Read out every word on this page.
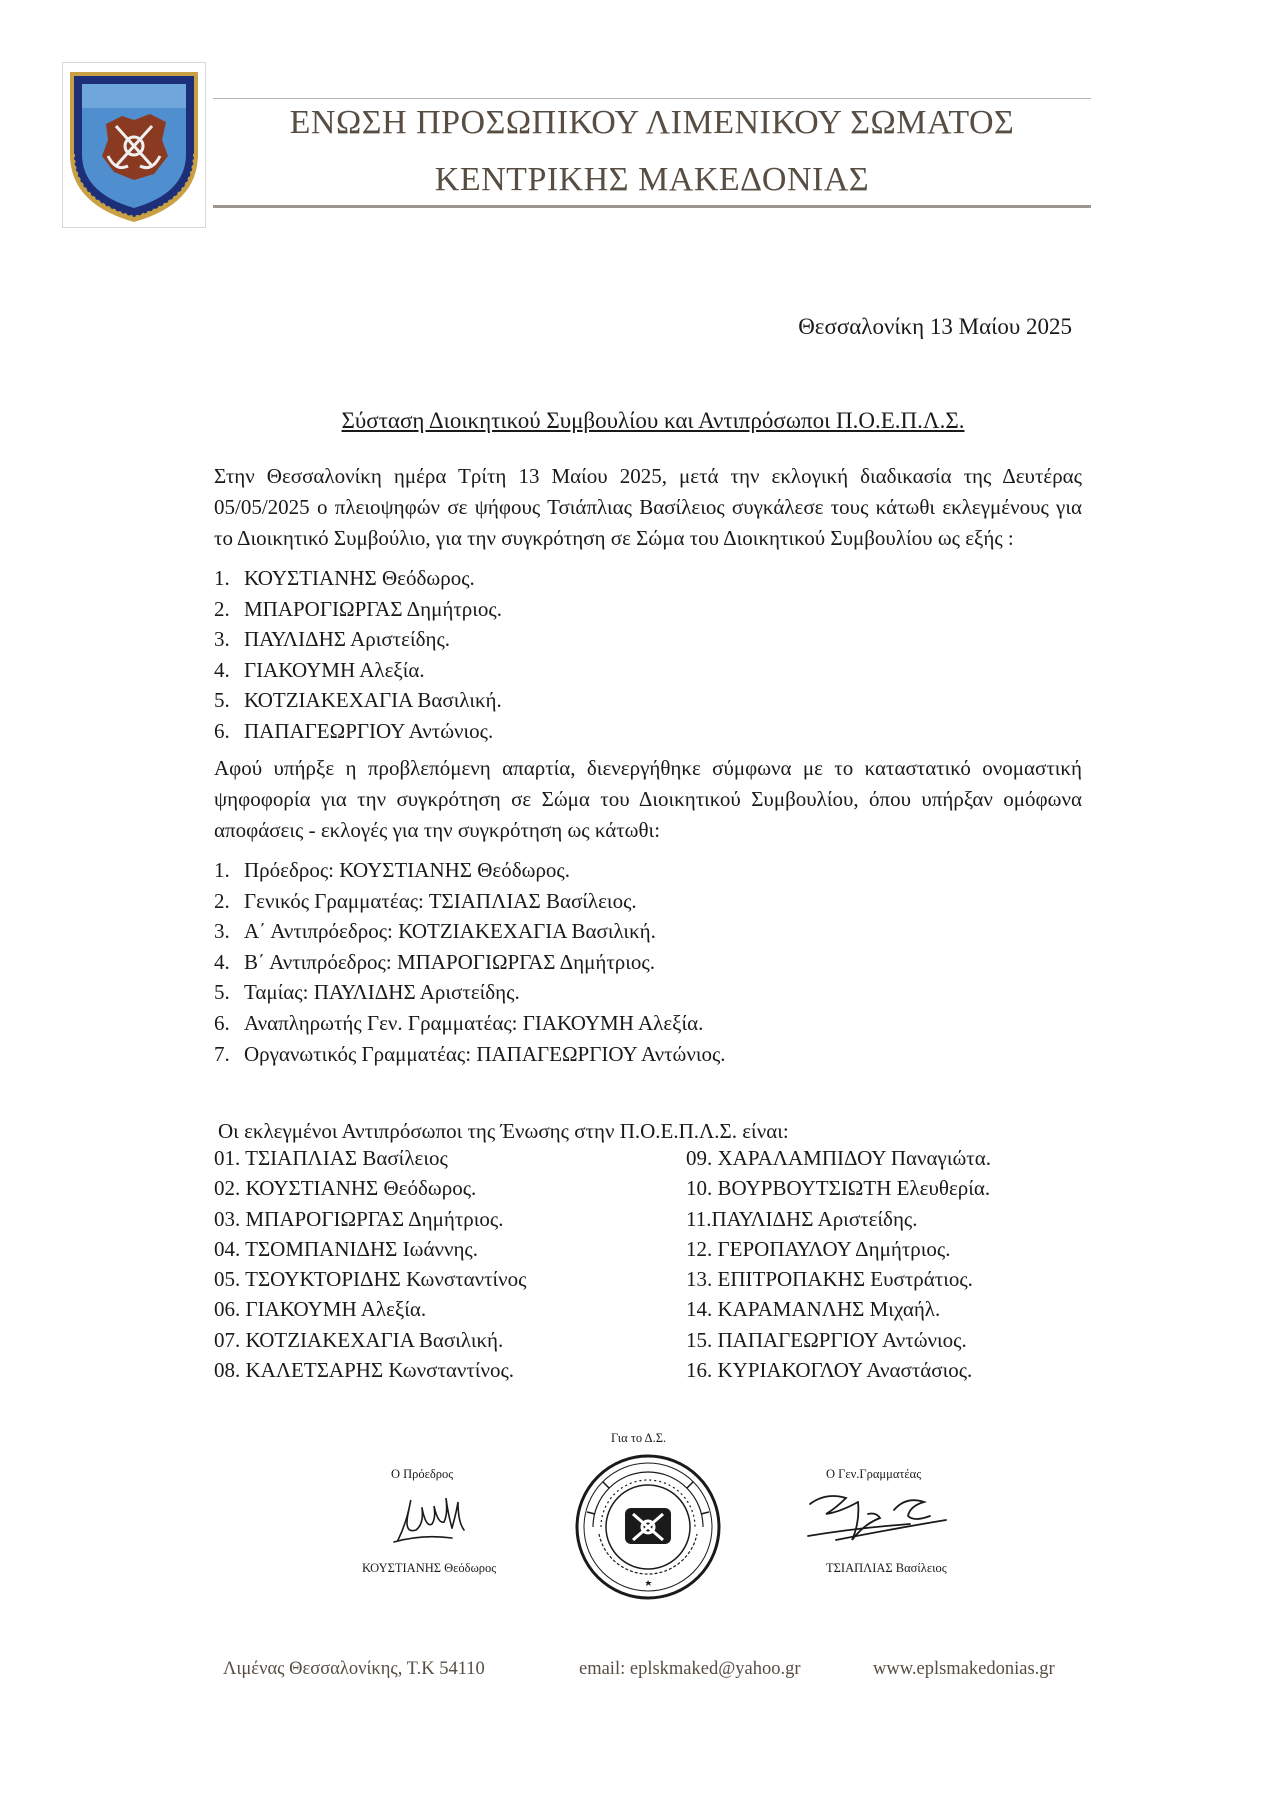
ΕΝΩΣΗ ΠΡΟΣΩΠΙΚΟΥ ΛΙΜΕΝΙΚΟΥ ΣΩΜΑΤΟΣ
ΚΕΝΤΡΙΚΗΣ ΜΑΚΕΔΟΝΙΑΣ
Θεσσαλονίκη 13 Μαίου 2025
Σύσταση Διοικητικού Συμβουλίου και Αντιπρόσωποι Π.Ο.Ε.Π.Λ.Σ.
Στην Θεσσαλονίκη ημέρα Τρίτη 13 Μαίου 2025, μετά την εκλογική διαδικασία της Δευτέρας 05/05/2025 ο πλειοψηφών σε ψήφους Τσιάπλιας Βασίλειος συγκάλεσε τους κάτωθι εκλεγμένους για το Διοικητικό Συμβούλιο, για την συγκρότηση σε Σώμα του Διοικητικού Συμβουλίου ως εξής :
1. ΚΟΥΣΤΙΑΝΗΣ Θεόδωρος.
2. ΜΠΑΡΟΓΙΩΡΓΑΣ Δημήτριος.
3. ΠΑΥΛΙΔΗΣ Αριστείδης.
4. ΓΙΑΚΟΥΜΗ Αλεξία.
5. ΚΟΤΖΙΑΚΕΧΑΓΙΑ Βασιλική.
6. ΠΑΠΑΓΕΩΡΓΙΟΥ Αντώνιος.
Αφού υπήρξε η προβλεπόμενη απαρτία, διενεργήθηκε σύμφωνα με το καταστατικό ονομαστική ψηφοφορία για την συγκρότηση σε Σώμα του Διοικητικού Συμβουλίου, όπου υπήρξαν ομόφωνα αποφάσεις - εκλογές για την συγκρότηση ως κάτωθι:
1. Πρόεδρος: ΚΟΥΣΤΙΑΝΗΣ Θεόδωρος.
2. Γενικός Γραμματέας: ΤΣΙΑΠΛΙΑΣ Βασίλειος.
3. Α΄ Αντιπρόεδρος: ΚΟΤΖΙΑΚΕΧΑΓΙΑ Βασιλική.
4. Β΄ Αντιπρόεδρος: ΜΠΑΡΟΓΙΩΡΓΑΣ Δημήτριος.
5. Ταμίας: ΠΑΥΛΙΔΗΣ Αριστείδης.
6. Αναπληρωτής Γεν. Γραμματέας: ΓΙΑΚΟΥΜΗ Αλεξία.
7. Οργανωτικός Γραμματέας: ΠΑΠΑΓΕΩΡΓΙΟΥ Αντώνιος.
Οι εκλεγμένοι Αντιπρόσωποι της Ένωσης στην Π.Ο.Ε.Π.Λ.Σ. είναι:
01. ΤΣΙΑΠΛΙΑΣ Βασίλειος
02. ΚΟΥΣΤΙΑΝΗΣ Θεόδωρος.
03. ΜΠΑΡΟΓΙΩΡΓΑΣ Δημήτριος.
04. ΤΣΟΜΠΑΝΙΔΗΣ Ιωάννης.
05. ΤΣΟΥΚΤΟΡΙΔΗΣ Κωνσταντίνος
06. ΓΙΑΚΟΥΜΗ Αλεξία.
07. ΚΟΤΖΙΑΚΕΧΑΓΙΑ Βασιλική.
08. ΚΑΛΕΤΣΑΡΗΣ Κωνσταντίνος.
09. ΧΑΡΑΛΑΜΠΙΔΟΥ Παναγιώτα.
10. ΒΟΥΡΒΟΥΤΣΙΩΤΗ Ελευθερία.
11.ΠΑΥΛΙΔΗΣ Αριστείδης.
12. ΓΕΡΟΠΑΥΛΟΥ Δημήτριος.
13. ΕΠΙΤΡΟΠΑΚΗΣ Ευστράτιος.
14. ΚΑΡΑΜΑΝΛΗΣ Μιχαήλ.
15. ΠΑΠΑΓΕΩΡΓΙΟΥ Αντώνιος.
16. ΚΥΡΙΑΚΟΓΛΟΥ Αναστάσιος.
Για το Δ.Σ.
Ο Πρόεδρος	Ο Γεν.Γραμματέας
ΚΟΥΣΤΙΑΝΗΣ Θεόδωρος	ΤΣΙΑΠΛΙΑΣ Βασίλειος
Λιμένας Θεσσαλονίκης, Τ.Κ 54110	email: eplskmaked@yahoo.gr	www.eplsmakedonias.gr
